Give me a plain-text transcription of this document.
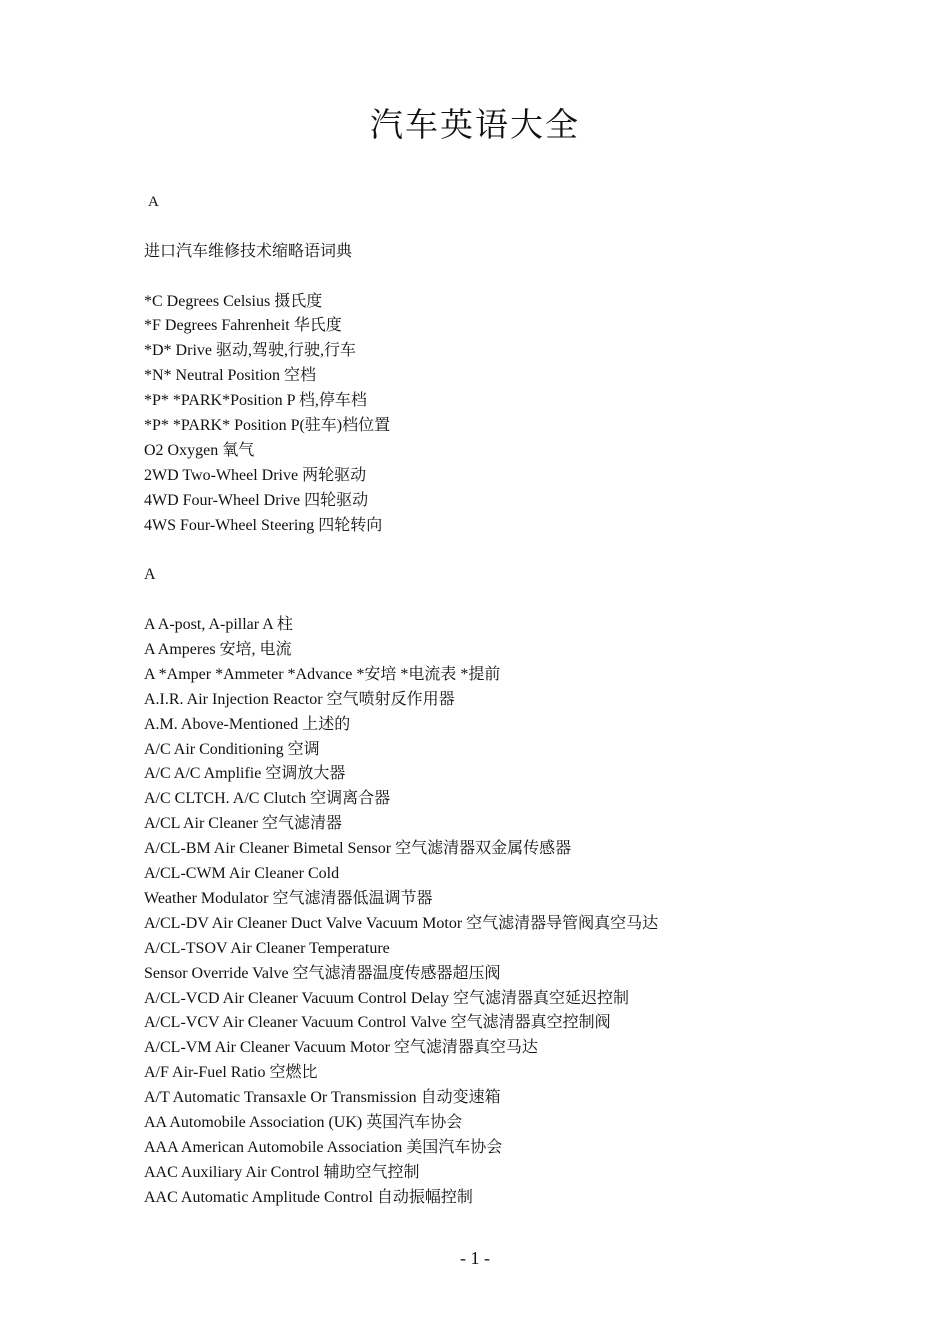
汽车英语大全
A
进口汽车维修技术缩略语词典
*C Degrees Celsius 摄氏度
*F Degrees Fahrenheit 华氏度
*D* Drive 驱动,驾驶,行驶,行车
*N* Neutral Position 空档
*P* *PARK*Position P 档,停车档
*P* *PARK* Position P(驻车)档位置
O2 Oxygen 氧气
2WD Two-Wheel Drive 两轮驱动
4WD Four-Wheel Drive 四轮驱动
4WS Four-Wheel Steering 四轮转向
A
A A-post, A-pillar A 柱
A Amperes 安培, 电流
A *Amper *Ammeter *Advance *安培 *电流表 *提前
A.I.R. Air Injection Reactor 空气喷射反作用器
A.M. Above-Mentioned 上述的
A/C Air Conditioning 空调
A/C A/C Amplifie 空调放大器
A/C CLTCH. A/C Clutch 空调离合器
A/CL Air Cleaner 空气滤清器
A/CL-BM Air Cleaner Bimetal Sensor 空气滤清器双金属传感器
A/CL-CWM Air Cleaner Cold
Weather Modulator 空气滤清器低温调节器
A/CL-DV Air Cleaner Duct Valve Vacuum Motor 空气滤清器导管阀真空马达
A/CL-TSOV Air Cleaner Temperature
Sensor Override Valve 空气滤清器温度传感器超压阀
A/CL-VCD Air Cleaner Vacuum Control Delay 空气滤清器真空延迟控制
A/CL-VCV Air Cleaner Vacuum Control Valve 空气滤清器真空控制阀
A/CL-VM Air Cleaner Vacuum Motor 空气滤清器真空马达
A/F Air-Fuel Ratio 空燃比
A/T Automatic Transaxle Or Transmission 自动变速箱
AA Automobile Association (UK) 英国汽车协会
AAA American Automobile Association 美国汽车协会
AAC Auxiliary Air Control 辅助空气控制
AAC Automatic Amplitude Control 自动振幅控制
- 1 -
